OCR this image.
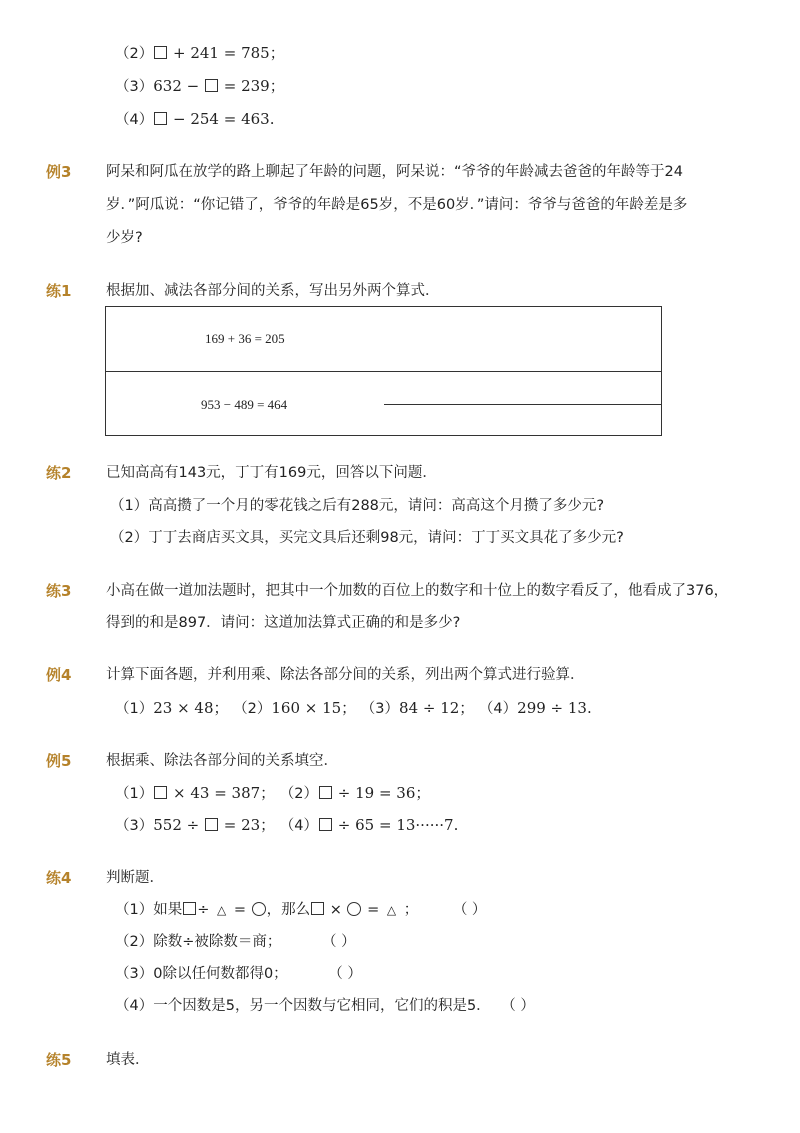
（2） + 241 = 785；
（3）632 −  = 239；
（4） − 254 = 463.
例3 阿呆和阿瓜在放学的路上聊起了年龄的问题，阿呆说：“爷爷的年龄减去爸爸的年龄等于24
岁．”阿瓜说：“你记错了，爷爷的年龄是65岁，不是60岁．”请问：爷爷与爸爸的年龄差是多
少岁?
练1 根据加、减法各部分间的关系，写出另外两个算式．
169 + 36 = 205
953 − 489 = 464
练2 已知高高有143元，丁丁有169元，回答以下问题．
（1）高高攒了一个月的零花钱之后有288元，请问：高高这个月攒了多少元?
（2）丁丁去商店买文具，买完文具后还剩98元，请问：丁丁买文具花了多少元?
练3 小高在做一道加法题时，把其中一个加数的百位上的数字和十位上的数字看反了，他看成了376，
得到的和是897．请问：这道加法算式正确的和是多少?
例4 计算下面各题，并利用乘、除法各部分间的关系，列出两个算式进行验算．
（1）23 × 48； （2）160 × 15； （3）84 ÷ 12； （4）299 ÷ 13.
例5 根据乘、除法各部分间的关系填空．
（1） × 43 = 387； （2） ÷ 19 = 36；
（3）552 ÷  = 23； （4） ÷ 65 = 13······7.
练4 判断题．
（1）如果 ÷ △ = ，那么 ×  = △ ； （ ）
（2）除数÷被除数＝商；	（ ）
（3）0除以任何数都得0；	（ ）
（4）一个因数是5，另一个因数与它相同，它们的积是5． （ ）
练5 填表．
